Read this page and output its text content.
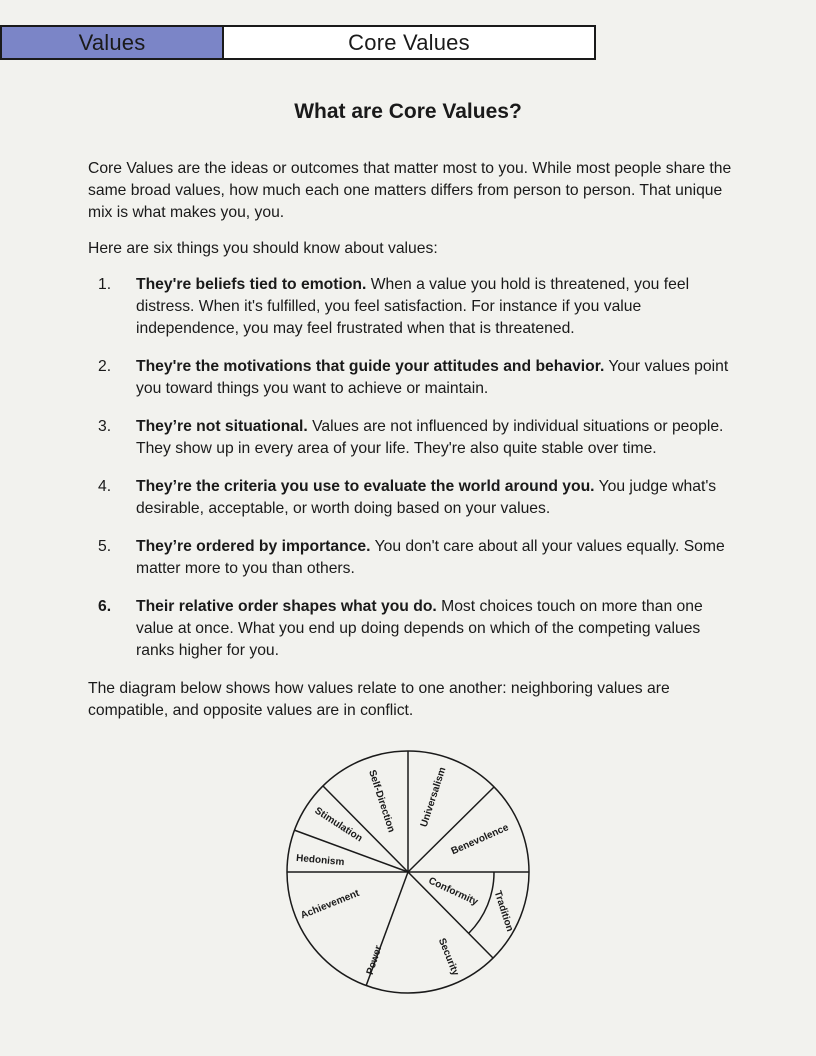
Values	Core Values
What are Core Values?

Core Values are the ideas or outcomes that matter most to you. While most people share the same broad values, how much each one matters differs from person to person. That unique mix is what makes you, you.

Here are six things you should know about values:

1.	They're beliefs tied to emotion. When a value you hold is threatened, you feel distress. When it's fulfilled, you feel satisfaction. For instance if you value independence, you may feel frustrated when that is threatened.
2.	They're the motivations that guide your attitudes and behavior. Your values point you toward things you want to achieve or maintain.
3.	They’re not situational. Values are not influenced by individual situations or people. They show up in every area of your life. They're also quite stable over time.
4.	They’re the criteria you use to evaluate the world around you. You judge what's desirable, acceptable, or worth doing based on your values.
5.	They’re ordered by importance. You don't care about all your values equally. Some matter more to you than others.
6.	Their relative order shapes what you do. Most choices touch on more than one value at once. What you end up doing depends on which of the competing values ranks higher for you.

The diagram below shows how values relate to one another: neighboring values are compatible, and opposite values are in conflict.

Self-Direction Universalism
Stimulation	Benevolence
Hedonism
Conformity Tradition
Achievement
Power	Security
